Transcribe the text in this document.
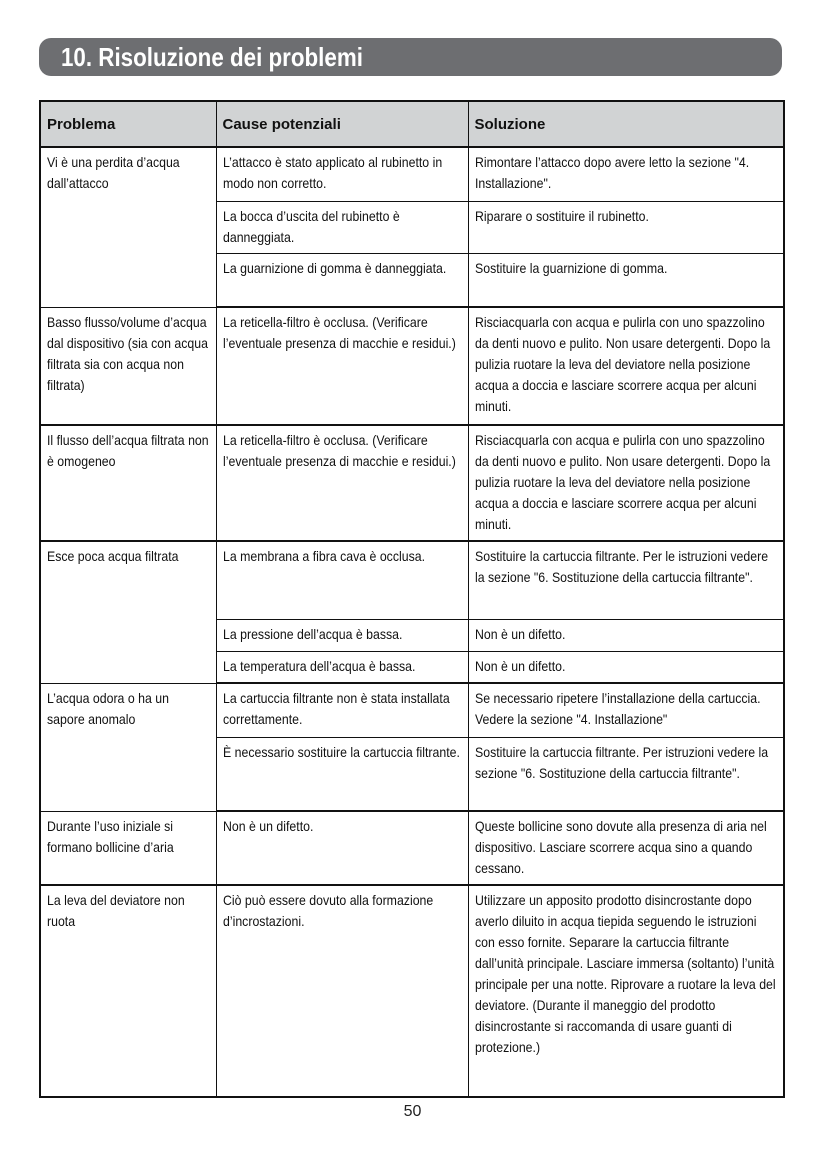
10. Risoluzione dei problemi
Problema	Cause potenziali	Soluzione

Vi è una perdita d’acqua dall’attacco	L’attacco è stato applicato al rubinetto in modo non corretto.	Rimontare l’attacco dopo avere letto la sezione "4. Installazione".

	La bocca d’uscita del rubinetto è danneggiata.	Riparare o sostituire il rubinetto.

	La guarnizione di gomma è danneggiata.	Sostituire la guarnizione di gomma.

Basso flusso/volume d’acqua dal dispositivo (sia con acqua filtrata sia con acqua non filtrata)	La reticella-filtro è occlusa. (Verificare l’eventuale presenza di macchie e residui.)	Risciacquarla con acqua e pulirla con uno spazzolino da denti nuovo e pulito. Non usare detergenti. Dopo la pulizia ruotare la leva del deviatore nella posizione acqua a doccia e lasciare scorrere acqua per alcuni minuti.

Il flusso dell’acqua filtrata non è omogeneo	La reticella-filtro è occlusa. (Verificare l’eventuale presenza di macchie e residui.)	Risciacquarla con acqua e pulirla con uno spazzolino da denti nuovo e pulito. Non usare detergenti. Dopo la pulizia ruotare la leva del deviatore nella posizione acqua a doccia e lasciare scorrere acqua per alcuni minuti.

Esce poca acqua filtrata	La membrana a fibra cava è occlusa.	Sostituire la cartuccia filtrante. Per le istruzioni vedere la sezione "6. Sostituzione della cartuccia filtrante".

	La pressione dell’acqua è bassa.	Non è un difetto.

	La temperatura dell’acqua è bassa.	Non è un difetto.

L’acqua odora o ha un sapore anomalo	La cartuccia filtrante non è stata installata correttamente.	Se necessario ripetere l’installazione della cartuccia. Vedere la sezione "4. Installazione"

	È necessario sostituire la cartuccia filtrante.	Sostituire la cartuccia filtrante. Per istruzioni vedere la sezione "6. Sostituzione della cartuccia filtrante".

Durante l’uso iniziale si formano bollicine d’aria	Non è un difetto.	Queste bollicine sono dovute alla presenza di aria nel dispositivo. Lasciare scorrere acqua sino a quando cessano.

La leva del deviatore non ruota	Ciò può essere dovuto alla formazione d’incrostazioni.	Utilizzare un apposito prodotto disincrostante dopo averlo diluito in acqua tiepida seguendo le istruzioni con esso fornite. Separare la cartuccia filtrante dall’unità principale. Lasciare immersa (soltanto) l’unità principale per una notte. Riprovare a ruotare la leva del deviatore. (Durante il maneggio del prodotto disincrostante si raccomanda di usare guanti di protezione.)
50
